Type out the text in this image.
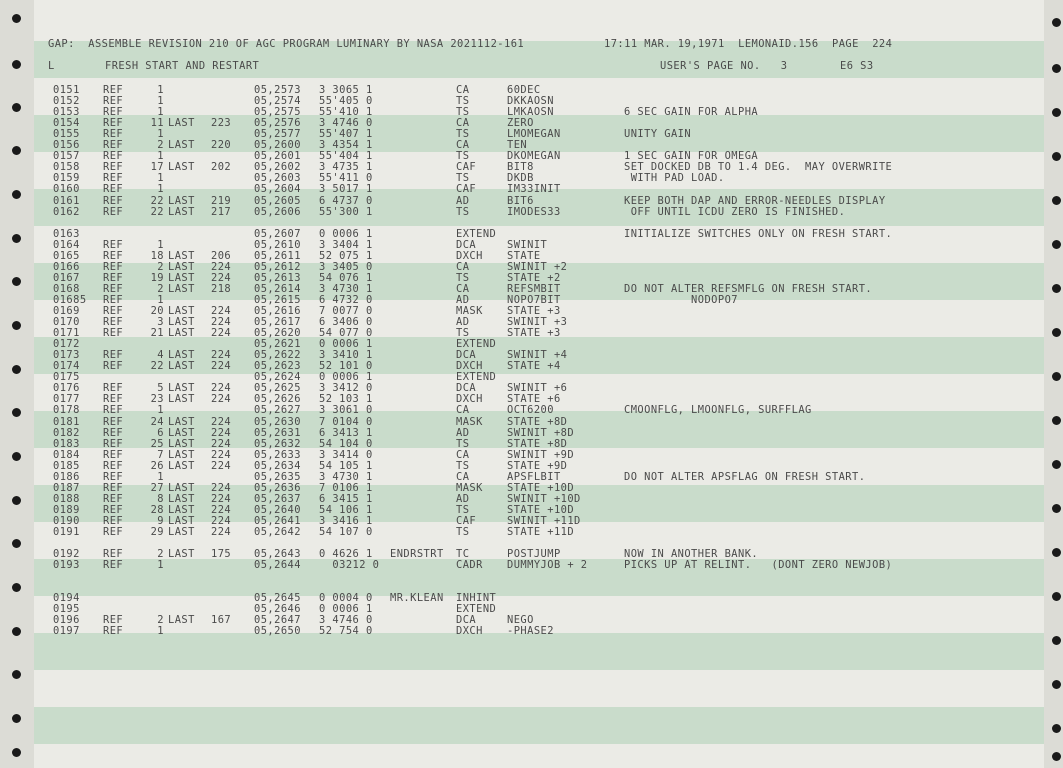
GAP:  ASSEMBLE REVISION 210 OF AGC PROGRAM LUMINARY BY NASA 2021112-161

	17:11 MAR. 19,1971  LEMONAID.156  PAGE  224

L

	FRESH START AND RESTART

	USER'S PAGE NO.   3

	E6 S3

0151 REF	1	05,2573 3 3065 1	CA	60DEC
0152 REF	1	05,2574 55'405 0	TS	DKKAOSN
0153 REF	1	05,2575 55'410 1	TS	LMKAOSN	6 SEC GAIN FOR ALPHA
0154 REF	11 LAST 223 05,2576 3 4746 0	CA	ZERO
0155 REF	1	05,2577 55'407 1	TS	LMOMEGAN	UNITY GAIN
0156 REF	2 LAST 220 05,2600 3 4354 1	CA	TEN
0157 REF	1	05,2601 55'404 1	TS	DKOMEGAN	1 SEC GAIN FOR OMEGA
0158 REF	17 LAST 202 05,2602 3 4735 1	CAF	BIT8	SET DOCKED DB TO 1.4 DEG.  MAY OVERWRITE
0159 REF	1	05,2603 55'411 0	TS	DKDB	WITH PAD LOAD.
0160 REF	1	05,2604 3 5017 1	CAF	IM33INIT
0161 REF	22 LAST 219 05,2605 6 4737 0	AD	BIT6	KEEP BOTH DAP AND ERROR-NEEDLES DISPLAY
0162 REF	22 LAST 217 05,2606 55'300 1	TS	IMODES33	OFF UNTIL ICDU ZERO IS FINISHED.
0163	05,2607 0 0006 1	EXTEND	INITIALIZE SWITCHES ONLY ON FRESH START.
0164 REF	1	05,2610 3 3404 1	DCA	SWINIT
0165 REF	18 LAST 206 05,2611 52 075 1	DXCH STATE
0166 REF	2 LAST 224 05,2612 3 3405 0	CA	SWINIT +2
0167 REF	19 LAST 224 05,2613 54 076 1	TS	STATE +2
0168 REF	2 LAST 218 05,2614 3 4730 1	CA	REFSMBIT	DO NOT ALTER REFSMFLG ON FRESH START.
01685 REF	1	05,2615 6 4732 0	AD	NOPO7BIT	NODOPO7
0169 REF	20 LAST 224 05,2616 7 0077 0	MASK STATE +3
0170 REF	3 LAST 224 05,2617 6 3406 0	AD	SWINIT +3
0171 REF	21 LAST 224 05,2620 54 077 0	TS	STATE +3
0172	05,2621 0 0006 1	EXTEND
0173 REF	4 LAST 224 05,2622 3 3410 1	DCA	SWINIT +4
0174 REF	22 LAST 224 05,2623 52 101 0	DXCH STATE +4
0175	05,2624 0 0006 1	EXTEND
0176 REF	5 LAST 224 05,2625 3 3412 0	DCA	SWINIT +6
0177 REF	23 LAST 224 05,2626 52 103 1	DXCH STATE +6
0178 REF	1	05,2627 3 3061 0	CA	OCT6200	CMOONFLG, LMOONFLG, SURFFLAG
0181 REF	24 LAST 224 05,2630 7 0104 0	MASK STATE +8D
0182 REF	6 LAST 224 05,2631 6 3413 1	AD	SWINIT +8D
0183 REF	25 LAST 224 05,2632 54 104 0	TS	STATE +8D
0184 REF	7 LAST 224 05,2633 3 3414 0	CA	SWINIT +9D
0185 REF	26 LAST 224 05,2634 54 105 1	TS	STATE +9D
0186 REF	1	05,2635 3 4730 1	CA	APSFLBIT	DO NOT ALTER APSFLAG ON FRESH START.
0187 REF	27 LAST 224 05,2636 7 0106 1	MASK STATE +10D
0188 REF	8 LAST 224 05,2637 6 3415 1	AD	SWINIT +10D
0189 REF	28 LAST 224 05,2640 54 106 1	TS	STATE +10D
0190 REF	9 LAST 224 05,2641 3 3416 1	CAF	SWINIT +11D
0191 REF	29 LAST 224 05,2642 54 107 0	TS	STATE +11D
0192 REF	2 LAST 175 05,2643 0 4626 1 ENDRSTRT TC	POSTJUMP	NOW IN ANOTHER BANK.
0193 REF	1	05,2644 03212 0	CADR DUMMYJOB + 2	PICKS UP AT RELINT.   (DONT ZERO NEWJOB)
0194	05,2645 0 0004 0 MR.KLEAN INHINT
0195	05,2646 0 0006 1	EXTEND
0196 REF	2 LAST 167 05,2647 3 4746 0	DCA	NEGO
0197 REF	1	05,2650 52 754 0	DXCH -PHASE2
